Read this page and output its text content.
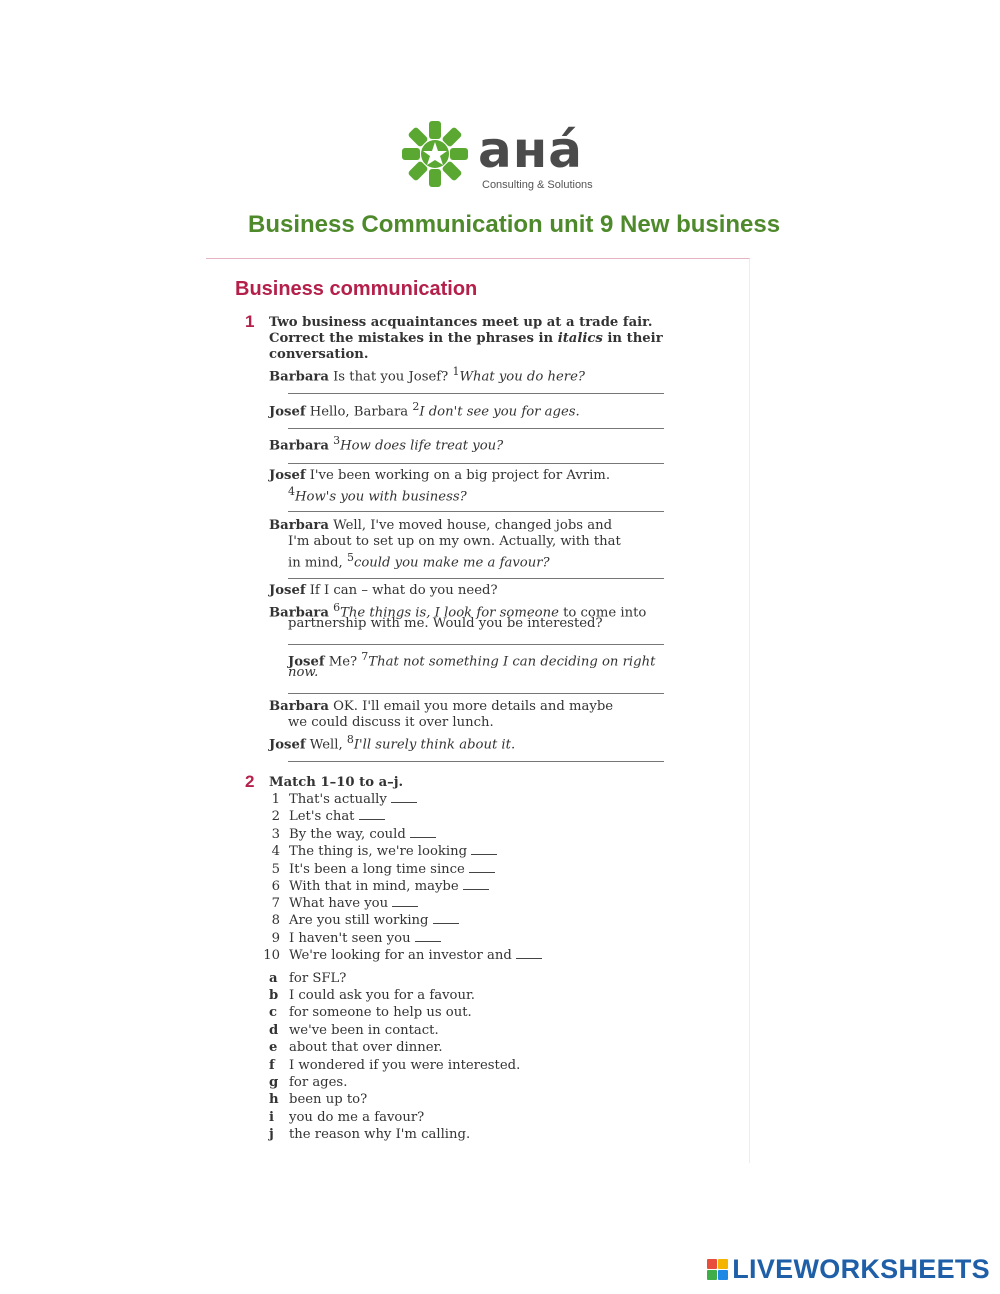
aнá
Consulting & Solutions
Business Communication unit 9 New business
Business communication
1 Two business acquaintances meet up at a trade fair.
Correct the mistakes in the phrases in italics in their
conversation.
Barbara Is that you Josef? $^1$What you do here?
Josef Hello, Barbara $^2$I don't see you for ages.
Barbara $^3$How does life treat you?
Josef I've been working on a big project for Avrim.
$^4$How's you with business?
Barbara Well, I've moved house, changed jobs and
I'm about to set up on my own. Actually, with that
in mind, $^5$could you make me a favour?
Josef If I can – what do you need?
Barbara $^6$The things is, I look for someone to come into
partnership with me. Would you be interested?
Josef Me? $^7$That not something I can deciding on right
now.
Barbara OK. I'll email you more details and maybe
we could discuss it over lunch.
Josef Well, $^8$I'll surely think about it.
2 Match 1–10 to a–j.
1 That's actually
2 Let's chat
3 By the way, could
4 The thing is, we're looking
5 It's been a long time since
6 With that in mind, maybe
7 What have you
8 Are you still working
9 I haven't seen you
10 We're looking for an investor and
a for SFL?
b I could ask you for a favour.
c for someone to help us out.
d we've been in contact.
e about that over dinner.
f I wondered if you were interested.
g for ages.
h been up to?
i you do me a favour?
j the reason why I'm calling.
LIVEWORKSHEETS
